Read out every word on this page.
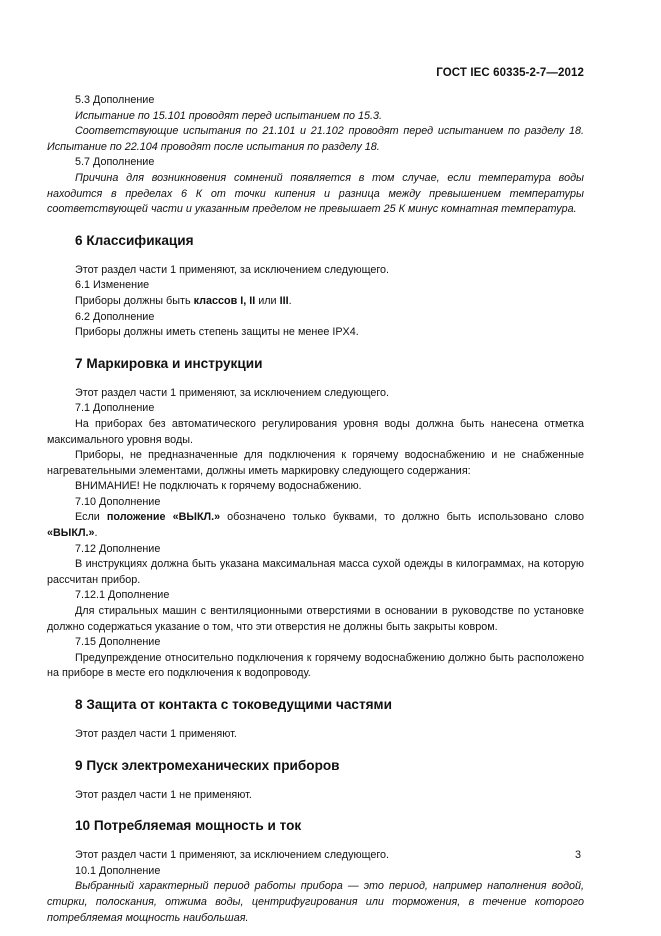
ГОСТ IEC 60335-2-7—2012

5.3 Дополнение

Испытание по 15.101 проводят перед испытанием по 15.3.

Соответствующие испытания по 21.101 и 21.102 проводят перед испытанием по разделу 18. Испытание по 22.104 проводят после испытания по разделу 18.

5.7 Дополнение

Причина для возникновения сомнений появляется в том случае, если температура воды находится в пределах 6 К от точки кипения и разница между превышением температуры соответствующей части и указанным пределом не превышает 25 К минус комнатная температура.

6 Классификация

Этот раздел части 1 применяют, за исключением следующего.

6.1 Изменение

Приборы должны быть классов I, II или III.

6.2 Дополнение

Приборы должны иметь степень защиты не менее IPX4.

7 Маркировка и инструкции

Этот раздел части 1 применяют, за исключением следующего.

7.1 Дополнение

На приборах без автоматического регулирования уровня воды должна быть нанесена отметка максимального уровня воды.

Приборы, не предназначенные для подключения к горячему водоснабжению и не снабженные нагревательными элементами, должны иметь маркировку следующего содержания:

ВНИМАНИЕ! Не подключать к горячему водоснабжению.

7.10 Дополнение

Если положение «ВЫКЛ.» обозначено только буквами, то должно быть использовано слово «ВЫКЛ.».

7.12 Дополнение

В инструкциях должна быть указана максимальная масса сухой одежды в килограммах, на которую рассчитан прибор.

7.12.1 Дополнение

Для стиральных машин с вентиляционными отверстиями в основании в руководстве по установке должно содержаться указание о том, что эти отверстия не должны быть закрыты ковром.

7.15 Дополнение

Предупреждение относительно подключения к горячему водоснабжению должно быть расположено на приборе в месте его подключения к водопроводу.

8 Защита от контакта с токоведущими частями

Этот раздел части 1 применяют.

9 Пуск электромеханических приборов

Этот раздел части 1 не применяют.

10 Потребляемая мощность и ток

Этот раздел части 1 применяют, за исключением следующего.

10.1 Дополнение

Выбранный характерный период работы прибора — это период, например наполнения водой, стирки, полоскания, отжима воды, центрифугирования или торможения, в течение которого потребляемая мощность наибольшая.

3
